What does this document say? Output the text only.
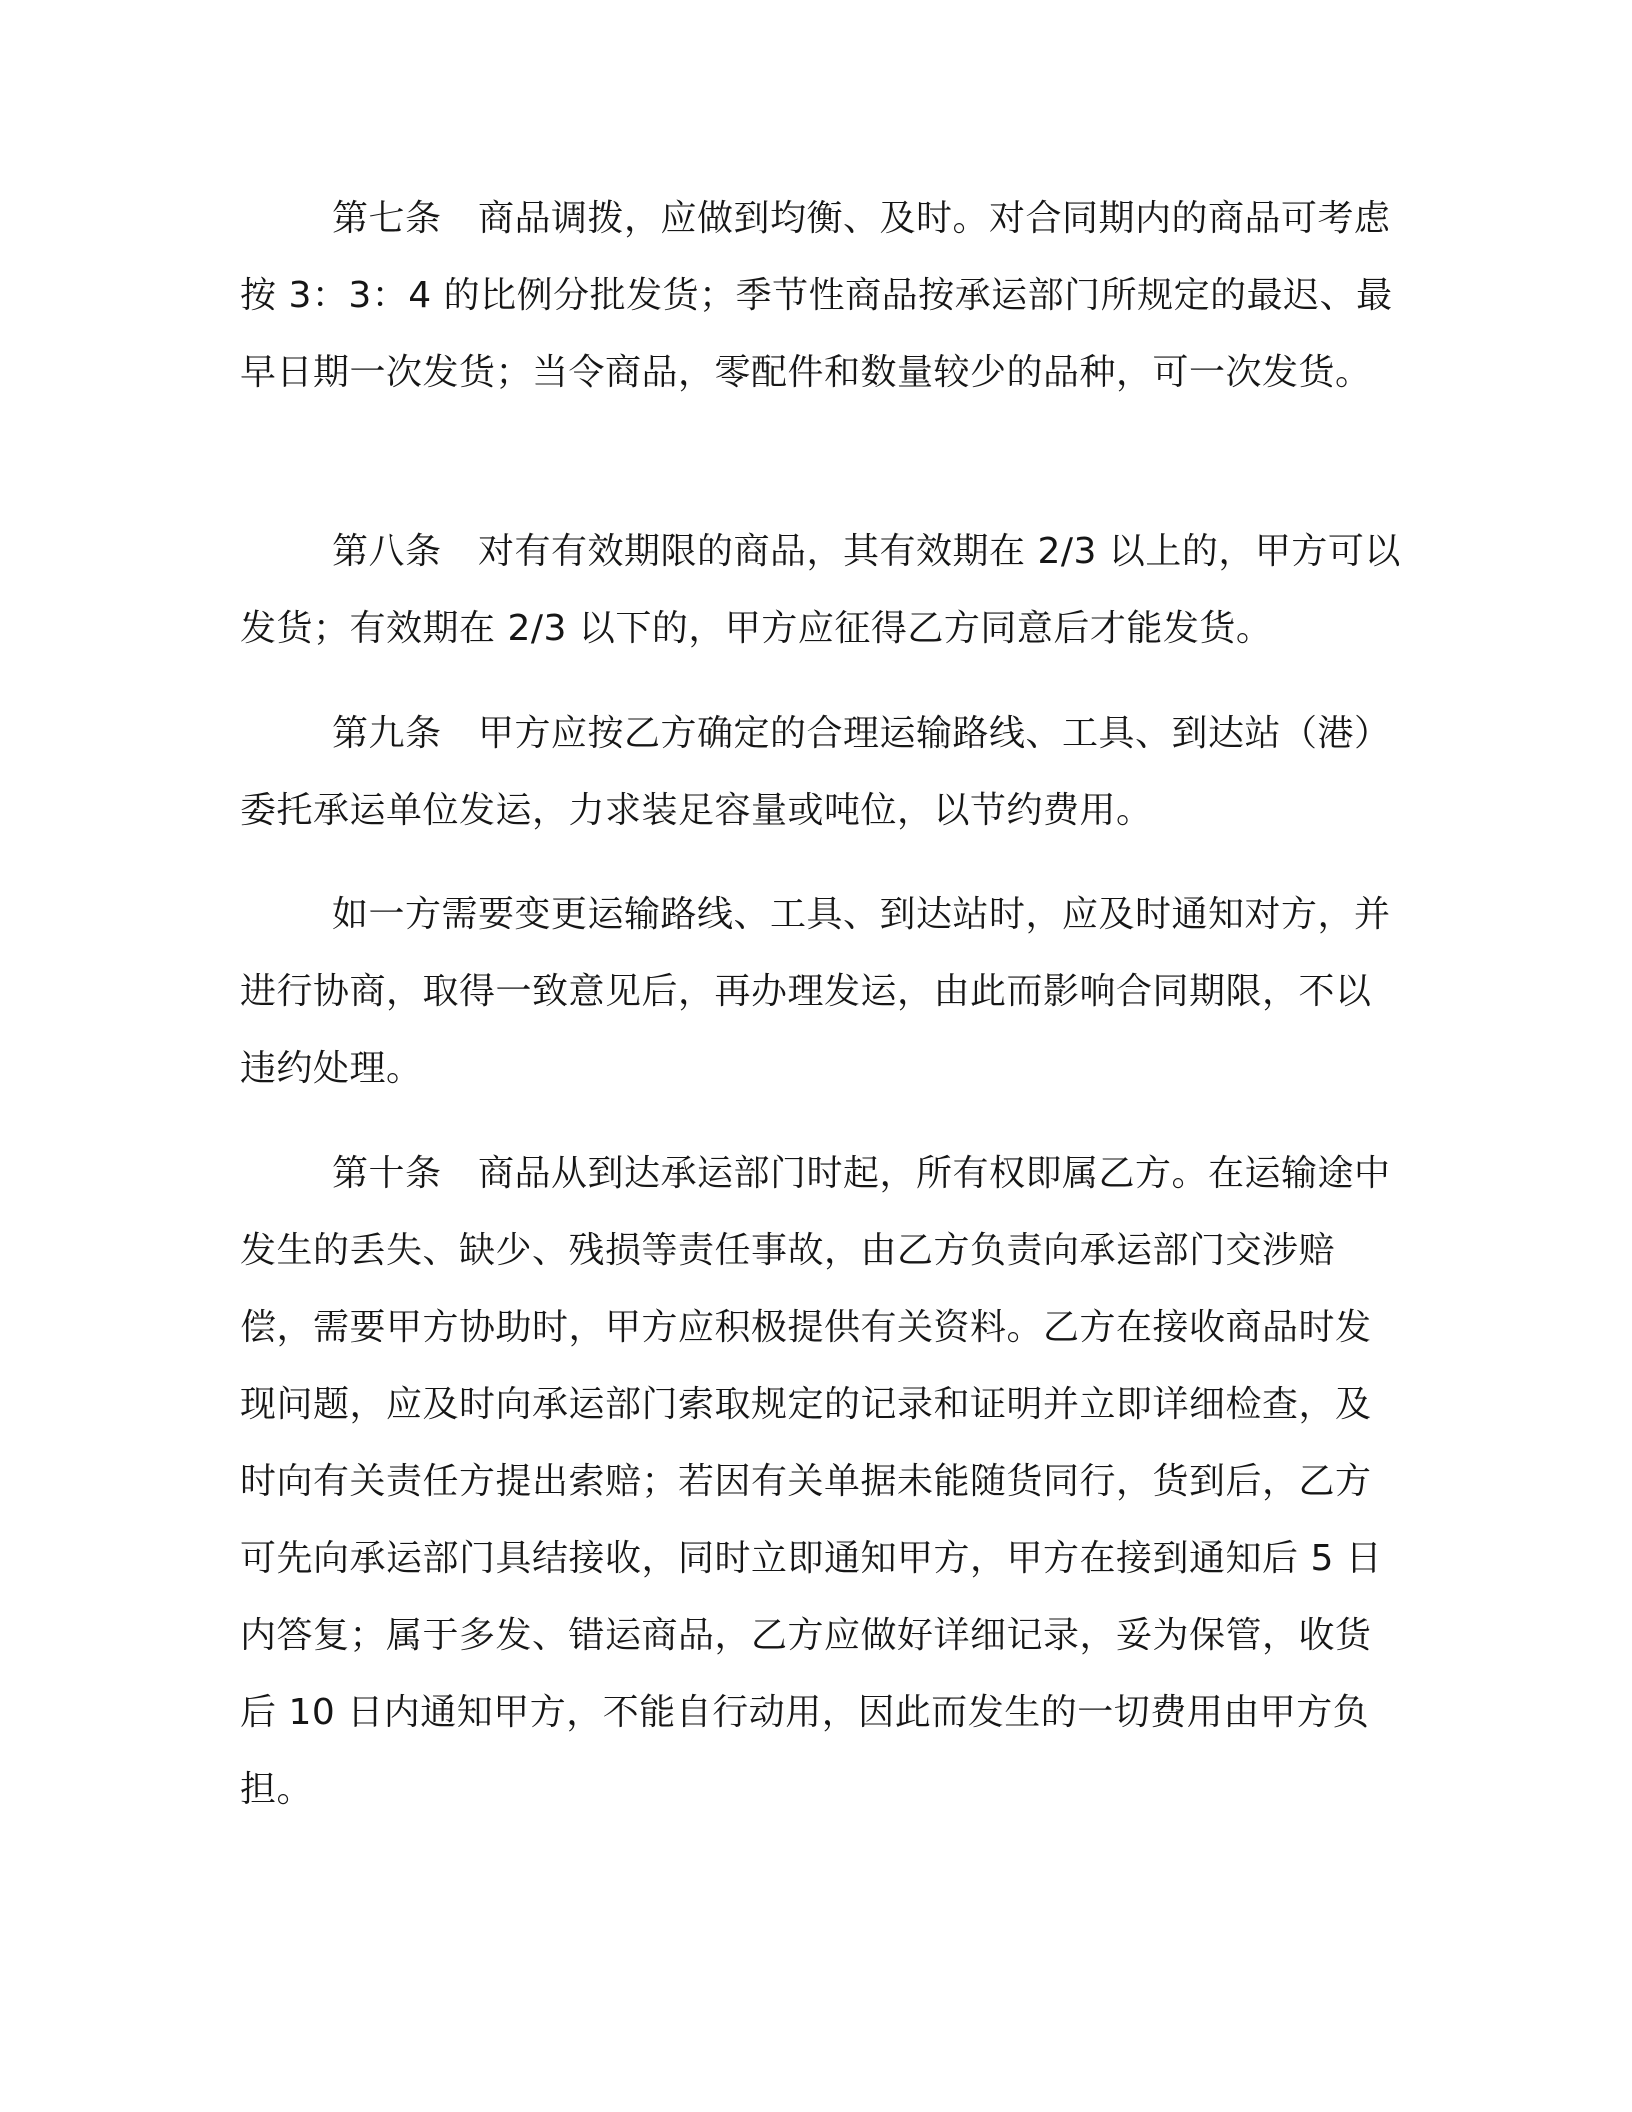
第七条　商品调拨，应做到均衡、及时。对合同期内的商品可考虑按 3：3：4 的比例分批发货；季节性商品按承运部门所规定的最迟、最早日期一次发货；当令商品，零配件和数量较少的品种，可一次发货。

第八条　对有有效期限的商品，其有效期在 2/3 以上的，甲方可以发货；有效期在 2/3 以下的，甲方应征得乙方同意后才能发货。

第九条　甲方应按乙方确定的合理运输路线、工具、到达站（港）委托承运单位发运，力求装足容量或吨位，以节约费用。

如一方需要变更运输路线、工具、到达站时，应及时通知对方，并进行协商，取得一致意见后，再办理发运，由此而影响合同期限，不以违约处理。

第十条　商品从到达承运部门时起，所有权即属乙方。在运输途中发生的丢失、缺少、残损等责任事故，由乙方负责向承运部门交涉赔偿，需要甲方协助时，甲方应积极提供有关资料。乙方在接收商品时发现问题，应及时向承运部门索取规定的记录和证明并立即详细检查，及时向有关责任方提出索赔；若因有关单据未能随货同行，货到后，乙方可先向承运部门具结接收，同时立即通知甲方，甲方在接到通知后 5 日内答复；属于多发、错运商品，乙方应做好详细记录，妥为保管，收货后 10 日内通知甲方，不能自行动用，因此而发生的一切费用由甲方负担。
